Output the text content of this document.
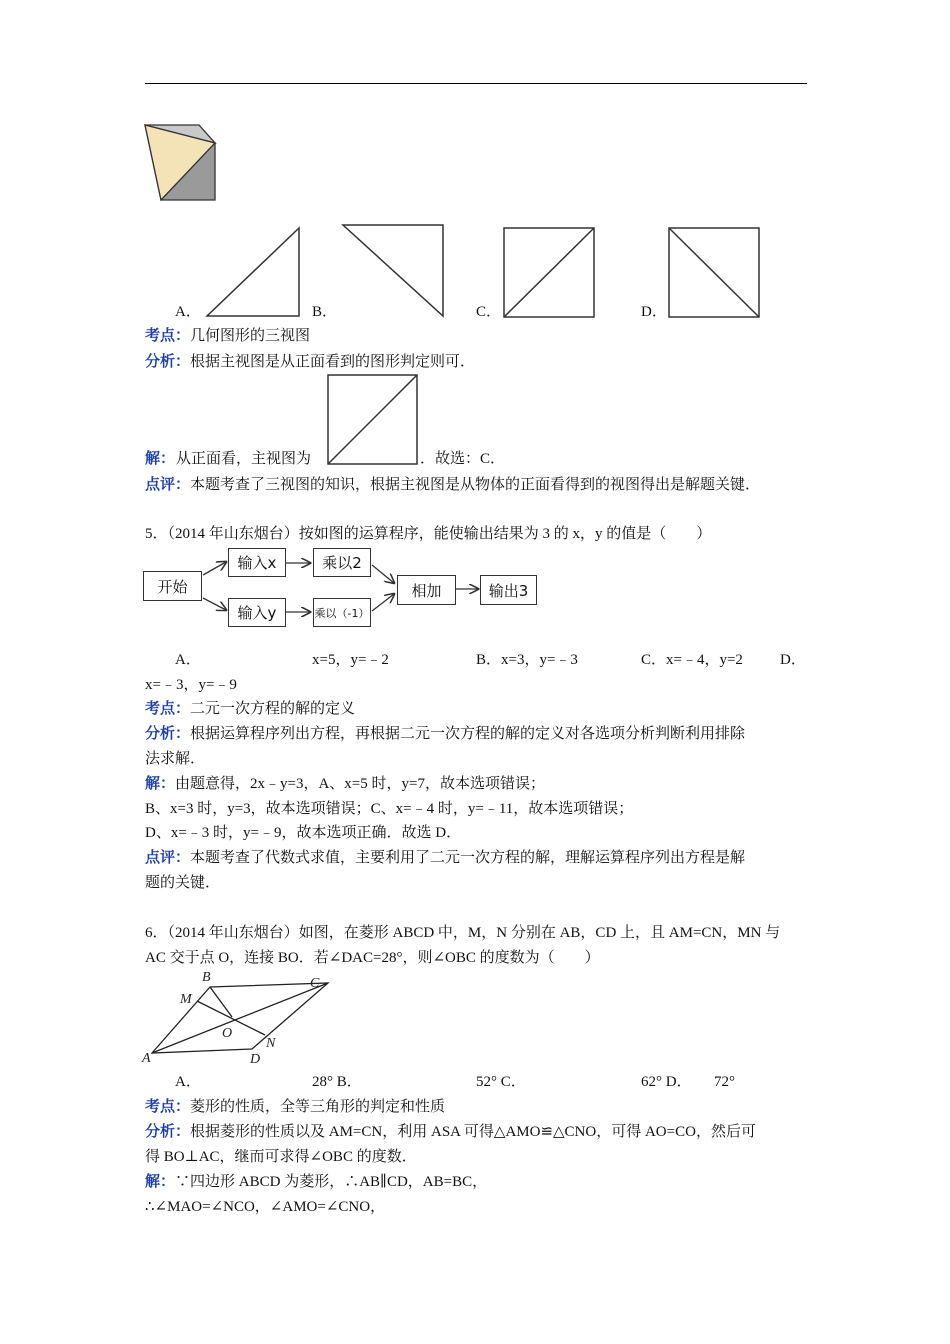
A．	B．	C．	D．
考点：几何图形的三视图
分析：根据主视图是从正面看到的图形判定则可．
解： 从正面看，主视图为	．故选：C．
点评：本题考查了三视图的知识，根据主视图是从物体的正面看得到的视图得出是解题关键．
5．（2014 年山东烟台）按如图的运算程序，能使输出结果为 3 的 x，y 的值是（　　）
开始
输入x	乘以2
输入y	乘以（-1）
相加	输出3
A．	x=5，y=﹣2	B．x=3，y=﹣3	C．x=﹣4，y=2 D．
x=﹣3，y=﹣9
考点：二元一次方程的解的定义
分析：根据运算程序列出方程，再根据二元一次方程的解的定义对各选项分析判断利用排除
法求解．
解：由题意得，2x﹣y=3，A、x=5 时，y=7，故本选项错误；
B、x=3 时，y=3，故本选项错误；C、x=﹣4 时，y=﹣11，故本选项错误；
D、x=﹣3 时，y=﹣9，故本选项正确．故选 D．
点评：本题考查了代数式求值，主要利用了二元一次方程的解，理解运算程序列出方程是解
题的关键．
6．（2014 年山东烟台）如图，在菱形 ABCD 中，M，N 分别在 AB，CD 上，且 AM=CN，MN 与
AC 交于点 O，连接 BO．若∠DAC=28°，则∠OBC 的度数为（　　）
B	C
M
O
N
A	D
A．	28° B．	52° C．	62° D． 72°
考点：菱形的性质，全等三角形的判定和性质
分析：根据菱形的性质以及 AM=CN，利用 ASA 可得△AMO≌△CNO，可得 AO=CO，然后可
得 BO⊥AC，继而可求得∠OBC 的度数．
解：∵四边形 ABCD 为菱形，∴AB∥CD，AB=BC，
∴∠MAO=∠NCO，∠AMO=∠CNO，
